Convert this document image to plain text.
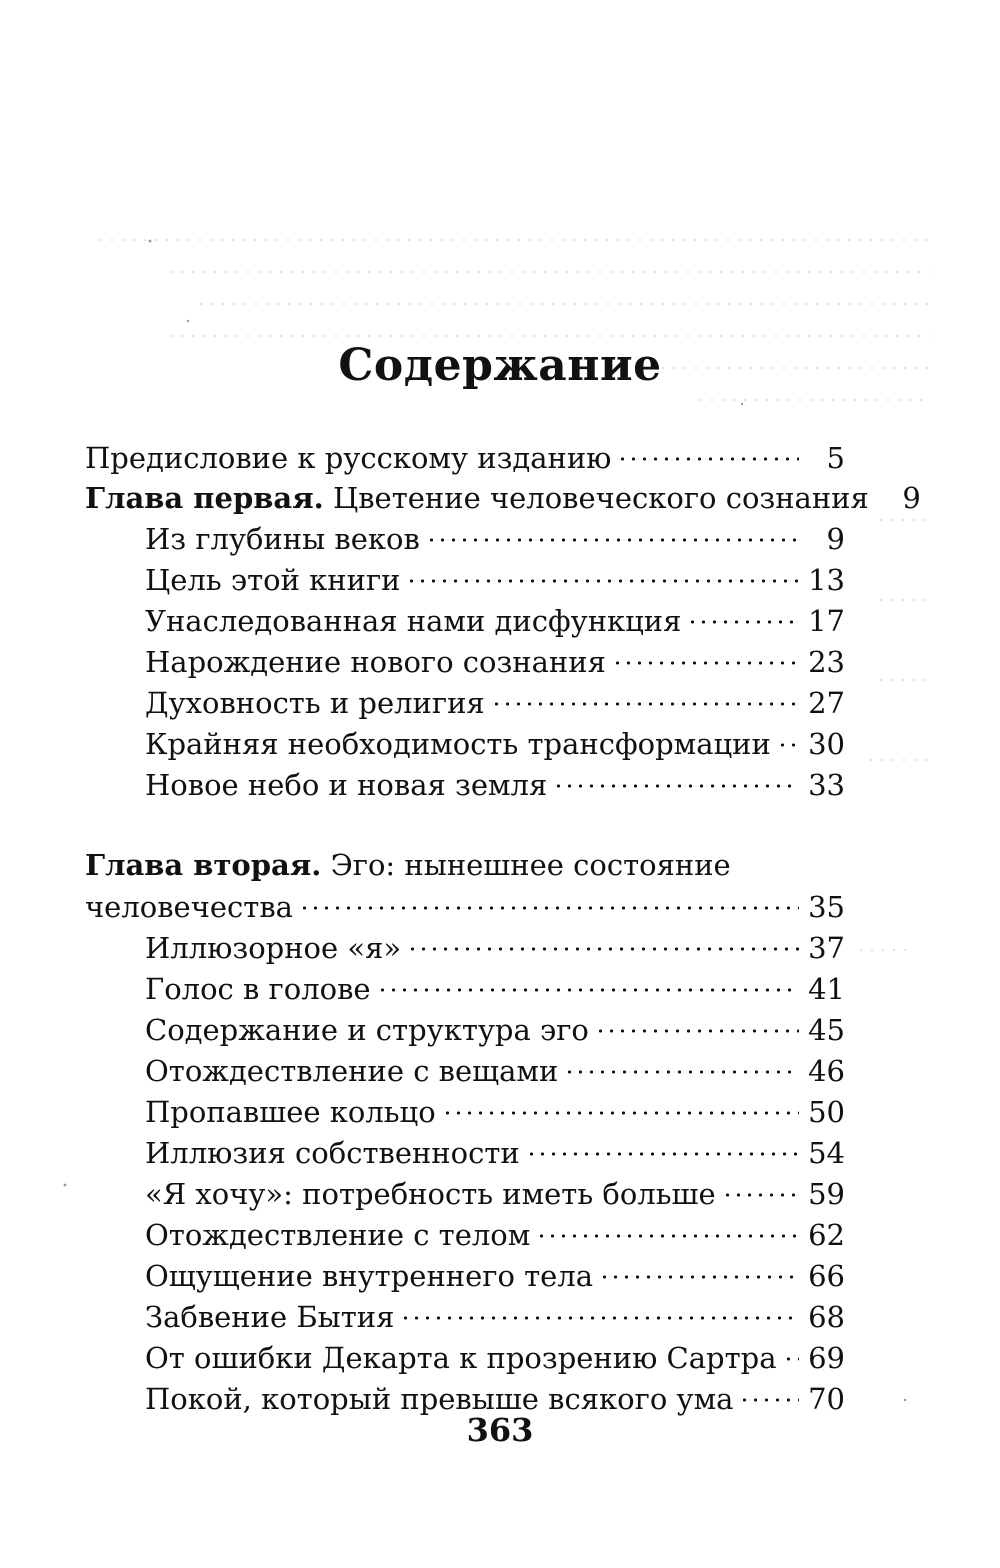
Содержание
Предисловие к русскому изданию	5
Глава первая. Цветение человеческого сознания	9
Из глубины веков	9
Цель этой книги	13
Унаследованная нами дисфункция	17
Нарождение нового сознания	23
Духовность и религия	27
Крайняя необходимость трансформации 30
Новое небо и новая земля	33
Глава вторая. Эго: нынешнее состояние
человечества	35
Иллюзорное «я»	37
Голос в голове	41
Содержание и структура эго	45
Отождествление с вещами	46
Пропавшее кольцо	50
Иллюзия собственности	54
«Я хочу»: потребность иметь больше	59
Отождествление с телом	62
Ощущение внутреннего тела	66
Забвение Бытия	68
От ошибки Декарта к прозрению Сартра 69
Покой, который превыше всякого ума	70
363
